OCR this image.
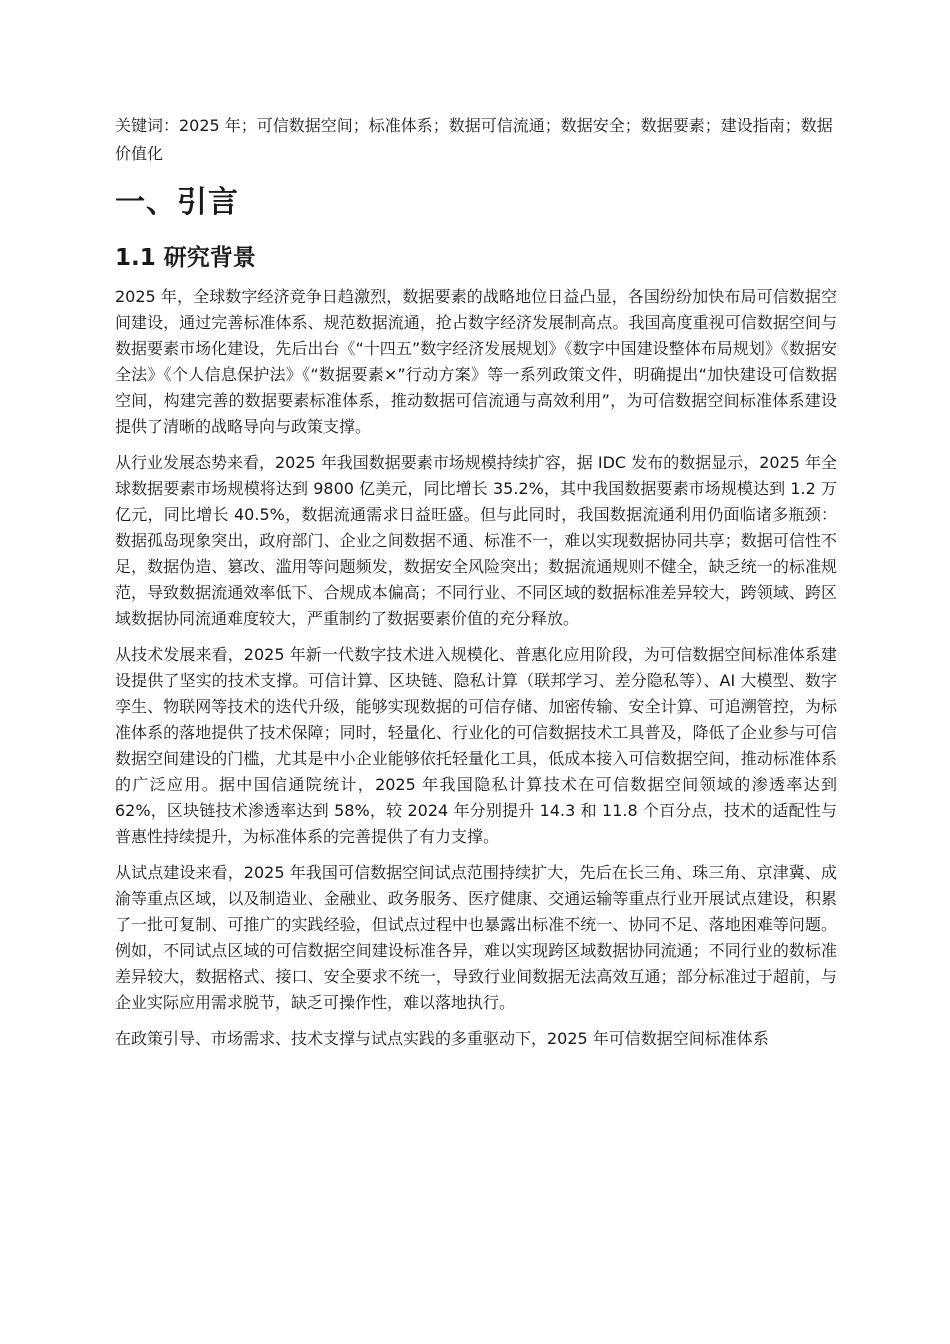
关键词：2025 年；可信数据空间；标准体系；数据可信流通；数据安全；数据要素；建设指南；数据价值化

一、引言
1.1 研究背景

2025 年，全球数字经济竞争日趋激烈，数据要素的战略地位日益凸显，各国纷纷加快布局可信数据空间建设，通过完善标准体系、规范数据流通，抢占数字经济发展制高点。我国高度重视可信数据空间与数据要素市场化建设，先后出台《“十四五”数字经济发展规划》《数字中国建设整体布局规划》《数据安全法》《个人信息保护法》《“数据要素×”行动方案》等一系列政策文件，明确提出“加快建设可信数据空间，构建完善的数据要素标准体系，推动数据可信流通与高效利用”，为可信数据空间标准体系建设提供了清晰的战略导向与政策支撑。

从行业发展态势来看，2025 年我国数据要素市场规模持续扩容，据 IDC 发布的数据显示，2025 年全球数据要素市场规模将达到 9800 亿美元，同比增长 35.2%，其中我国数据要素市场规模达到 1.2 万亿元，同比增长 40.5%，数据流通需求日益旺盛。但与此同时，我国数据流通利用仍面临诸多瓶颈：数据孤岛现象突出，政府部门、企业之间数据不通、标准不一，难以实现数据协同共享；数据可信性不足，数据伪造、篡改、滥用等问题频发，数据安全风险突出；数据流通规则不健全，缺乏统一的标准规范，导致数据流通效率低下、合规成本偏高；不同行业、不同区域的数据标准差异较大，跨领域、跨区域数据协同流通难度较大，严重制约了数据要素价值的充分释放。

从技术发展来看，2025 年新一代数字技术进入规模化、普惠化应用阶段，为可信数据空间标准体系建设提供了坚实的技术支撑。可信计算、区块链、隐私计算（联邦学习、差分隐私等）、AI 大模型、数字孪生、物联网等技术的迭代升级，能够实现数据的可信存储、加密传输、安全计算、可追溯管控，为标准体系的落地提供了技术保障；同时，轻量化、行业化的可信数据技术工具普及，降低了企业参与可信数据空间建设的门槛，尤其是中小企业能够依托轻量化工具，低成本接入可信数据空间，推动标准体系的广泛应用。据中国信通院统计，2025 年我国隐私计算技术在可信数据空间领域的渗透率达到 62%，区块链技术渗透率达到 58%，较 2024 年分别提升 14.3 和 11.8 个百分点，技术的适配性与普惠性持续提升，为标准体系的完善提供了有力支撑。

从试点建设来看，2025 年我国可信数据空间试点范围持续扩大，先后在长三角、珠三角、京津冀、成渝等重点区域，以及制造业、金融业、政务服务、医疗健康、交通运输等重点行业开展试点建设，积累了一批可复制、可推广的实践经验，但试点过程中也暴露出标准不统一、协同不足、落地困难等问题。例如，不同试点区域的可信数据空间建设标准各异，难以实现跨区域数据协同流通；不同行业的数标准差异较大，数据格式、接口、安全要求不统一，导致行业间数据无法高效互通；部分标准过于超前，与企业实际应用需求脱节，缺乏可操作性，难以落地执行。

在政策引导、市场需求、技术支撑与试点实践的多重驱动下，2025 年可信数据空间标准体系
